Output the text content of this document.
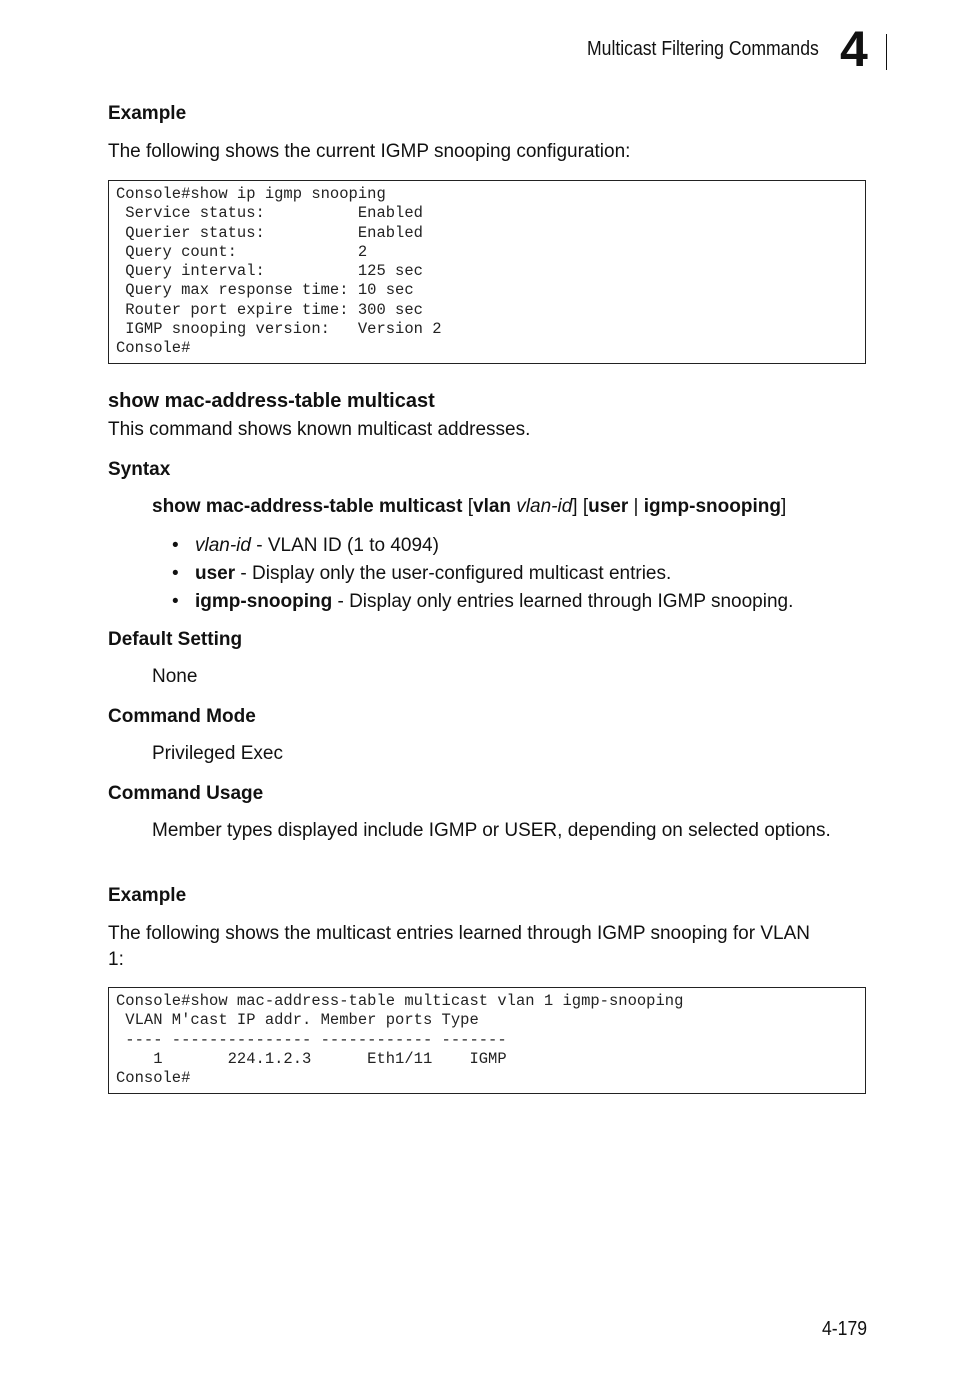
Multicast Filtering Commands 4
Example
The following shows the current IGMP snooping configuration:
Console#show ip igmp snooping
Service status:          Enabled
Querier status:          Enabled
Query count:             2
Query interval:          125 sec
Query max response time: 10 sec
Router port expire time: 300 sec
IGMP snooping version:   Version 2
Console#
show mac-address-table multicast
This command shows known multicast addresses.
Syntax
show mac-address-table multicast [vlan vlan-id] [user | igmp-snooping]
• vlan-id - VLAN ID (1 to 4094)
• user - Display only the user-configured multicast entries.
• igmp-snooping - Display only entries learned through IGMP snooping.
Default Setting
None
Command Mode
Privileged Exec
Command Usage
Member types displayed include IGMP or USER, depending on selected options.
Example
The following shows the multicast entries learned through IGMP snooping for VLAN 1:
Console#show mac-address-table multicast vlan 1 igmp-snooping
VLAN M'cast IP addr. Member ports Type
---- --------------- ------------ -------
1       224.1.2.3      Eth1/11    IGMP
Console#
4-179
